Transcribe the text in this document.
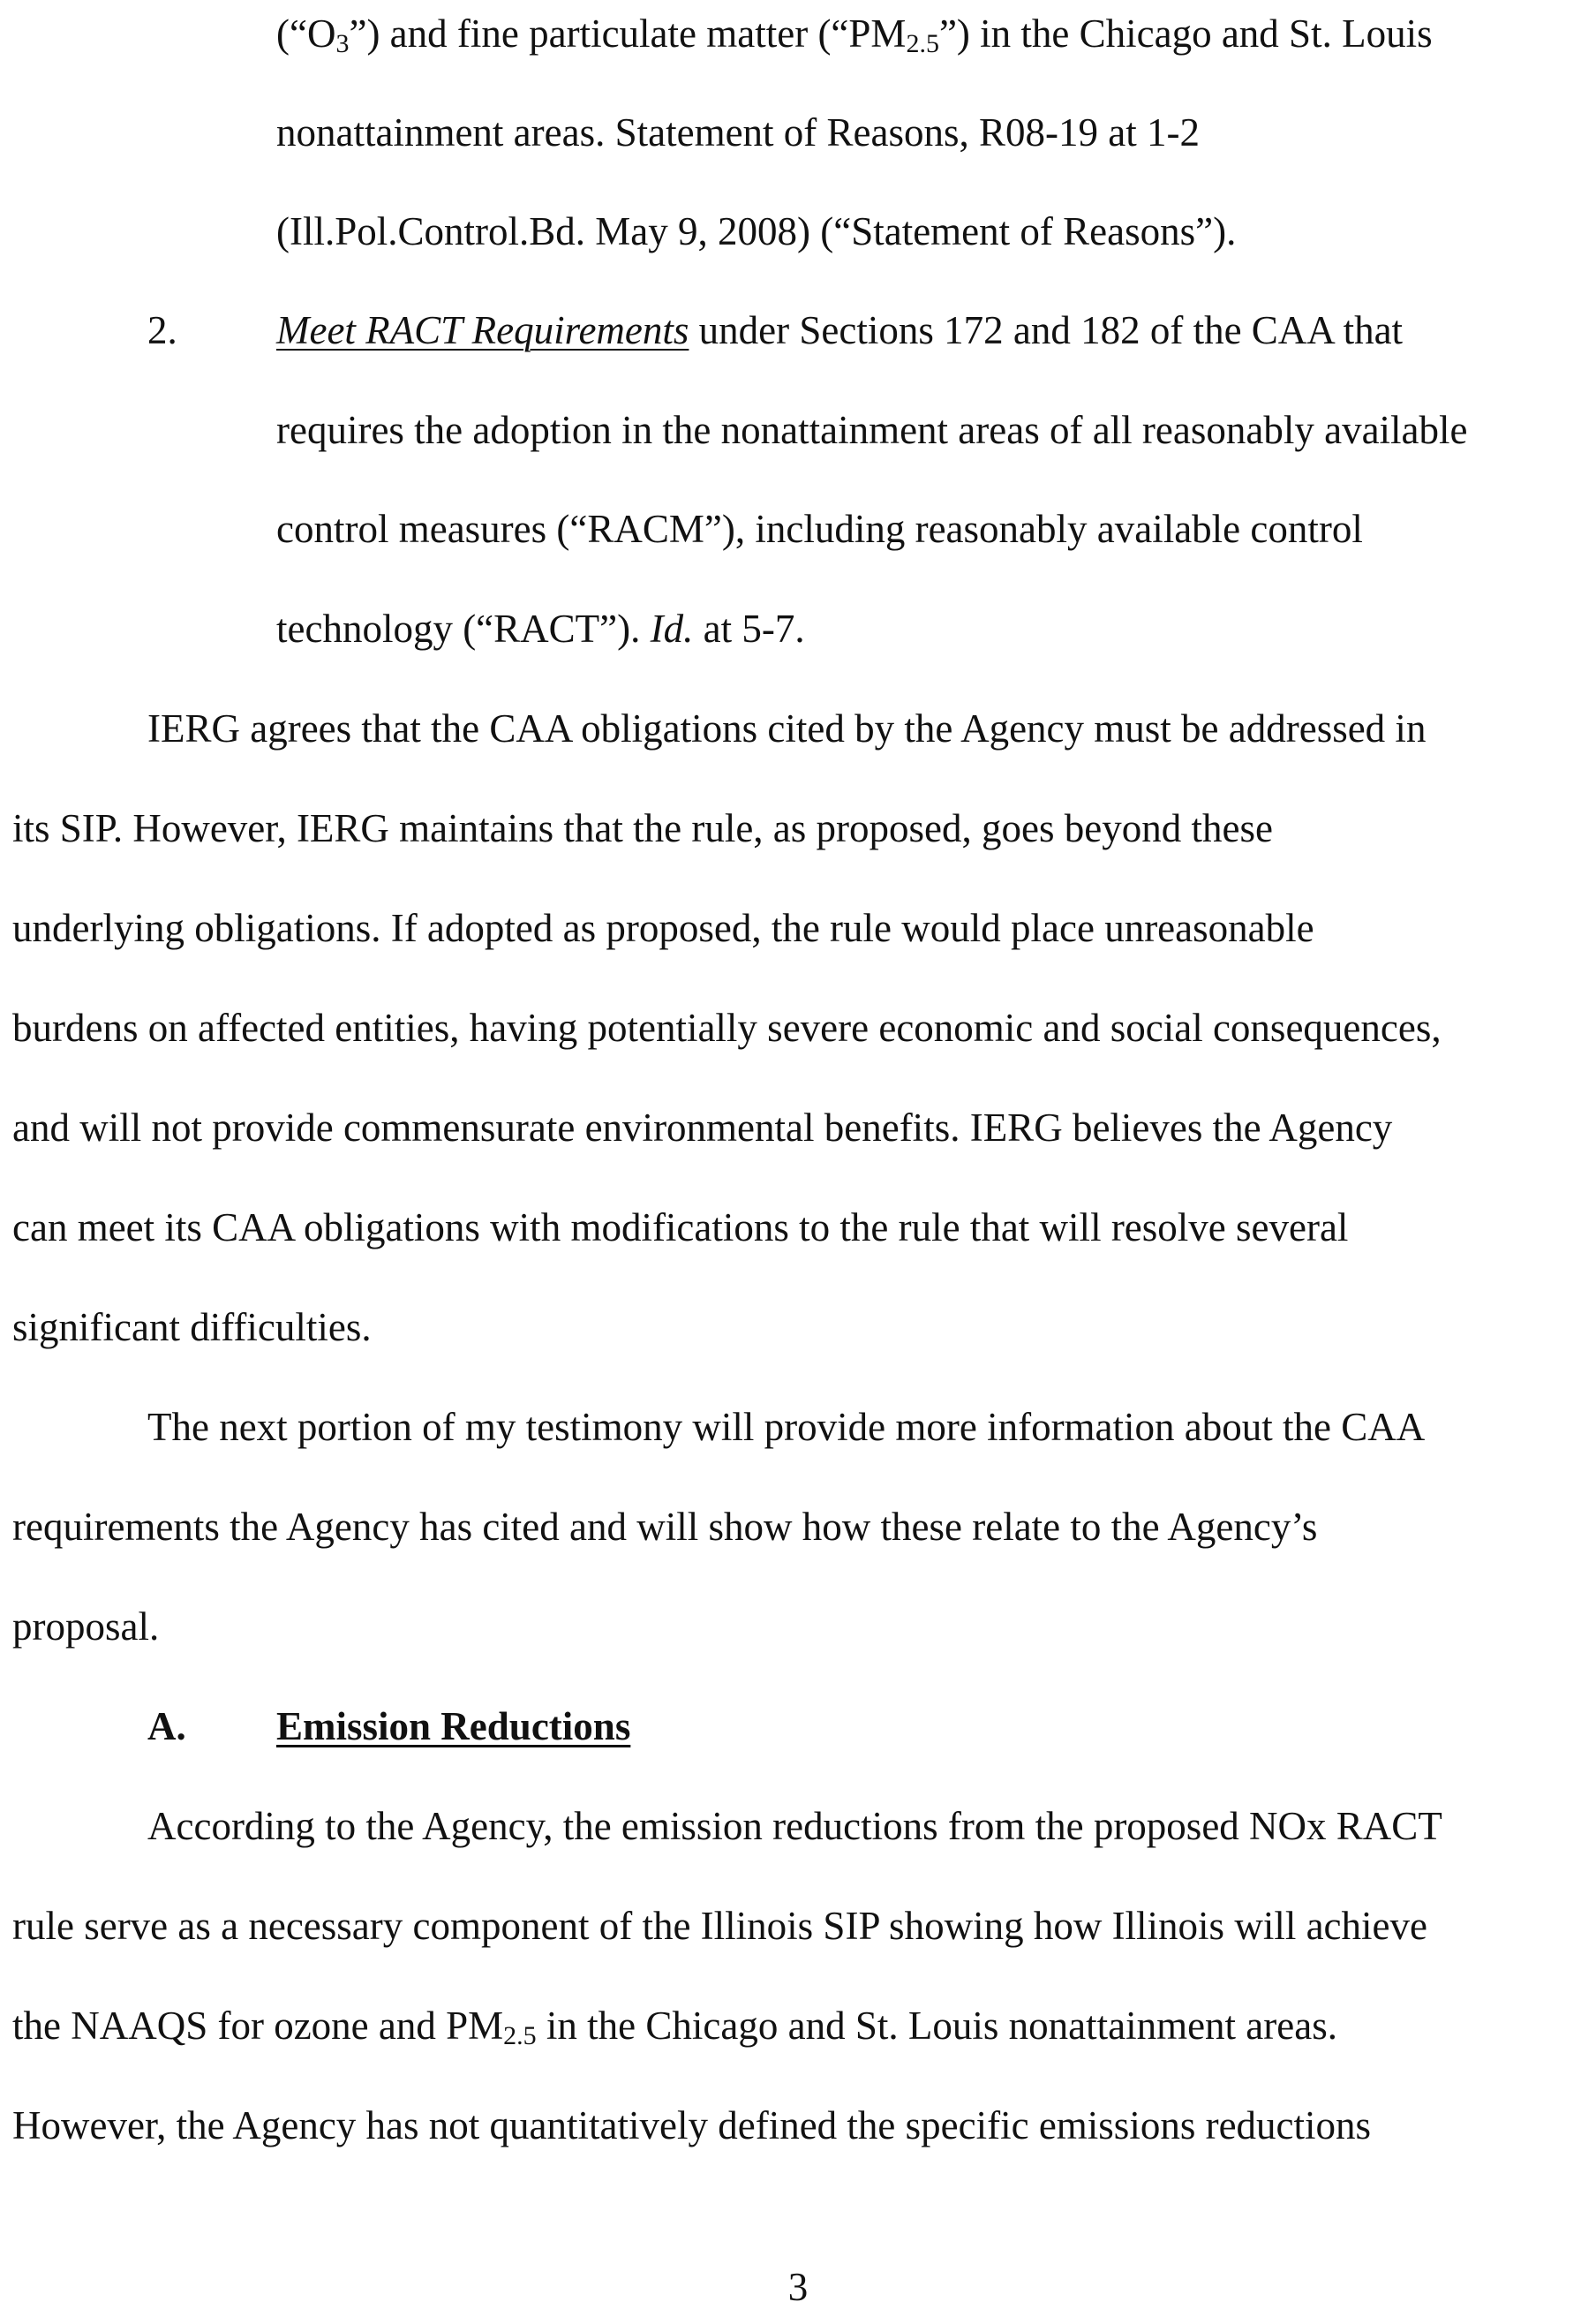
$(“O_3”)$ and fine particulate matter $(“PM_{2.5}”)$ in the Chicago and St. Louis
nonattainment areas. Statement of Reasons, R08-19 at 1-2
(Ill.Pol.Control.Bd. May 9, 2008) (“Statement of Reasons”).
2. Meet RACT Requirements under Sections 172 and 182 of the CAA that
requires the adoption in the nonattainment areas of all reasonably available
control measures (“RACM”), including reasonably available control
technology (“RACT”). Id. at 5-7.
IERG agrees that the CAA obligations cited by the Agency must be addressed in
its SIP. However, IERG maintains that the rule, as proposed, goes beyond these
underlying obligations. If adopted as proposed, the rule would place unreasonable
burdens on affected entities, having potentially severe economic and social consequences,
and will not provide commensurate environmental benefits. IERG believes the Agency
can meet its CAA obligations with modifications to the rule that will resolve several
significant difficulties.
The next portion of my testimony will provide more information about the CAA
requirements the Agency has cited and will show how these relate to the Agency’s
proposal.
A. Emission Reductions
According to the Agency, the emission reductions from the proposed NOx RACT
rule serve as a necessary component of the Illinois SIP showing how Illinois will achieve
the NAAQS for ozone and $PM_{2.5}$ in the Chicago and St. Louis nonattainment areas.
However, the Agency has not quantitatively defined the specific emissions reductions
3
